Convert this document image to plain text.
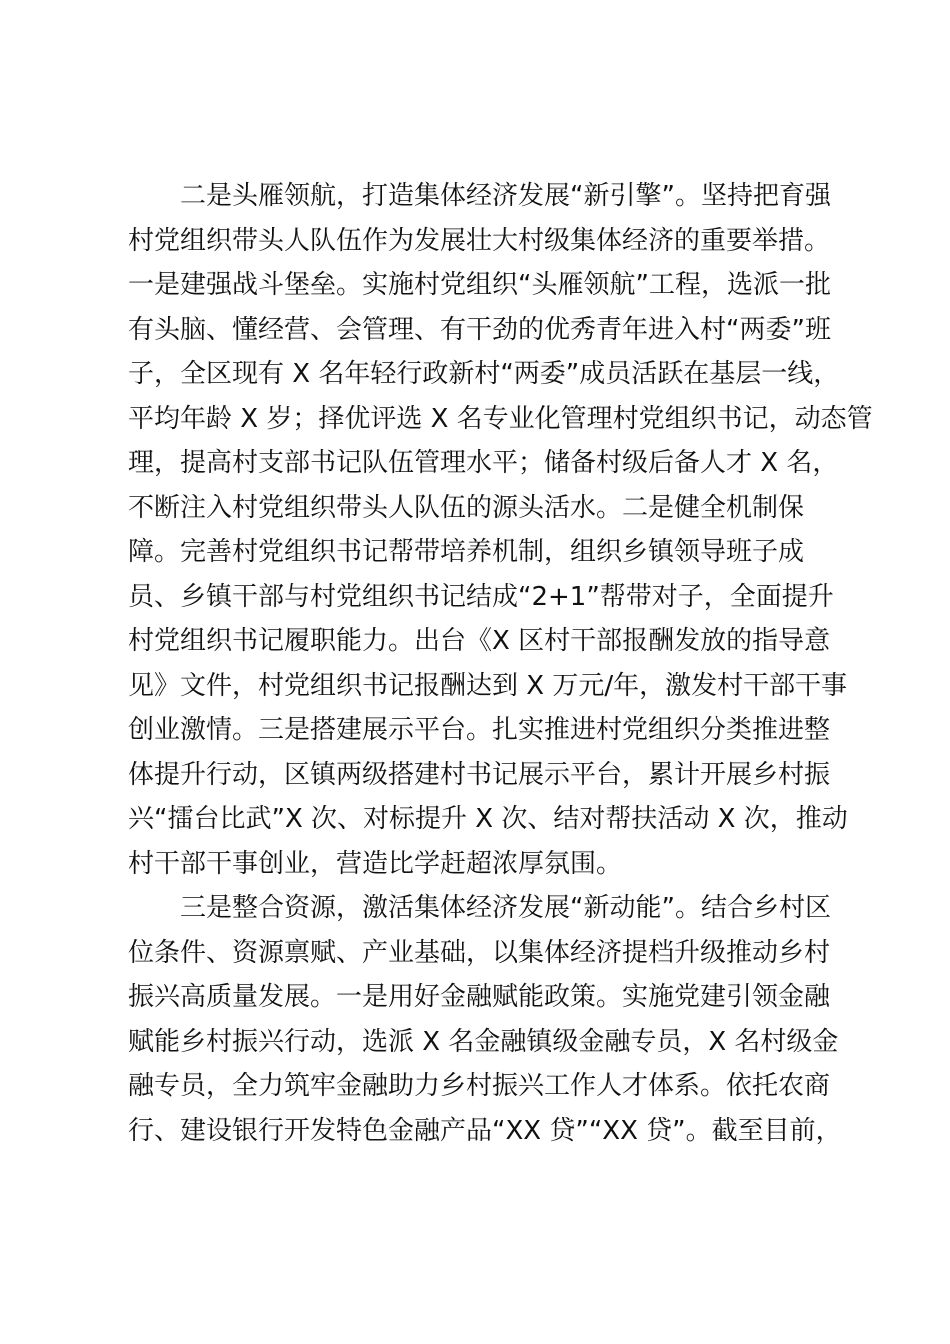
二是头雁领航，打造集体经济发展“新引擎”。坚持把育强
村党组织带头人队伍作为发展壮大村级集体经济的重要举措。
一是建强战斗堡垒。实施村党组织“头雁领航”工程，选派一批
有头脑、懂经营、会管理、有干劲的优秀青年进入村“两委”班
子，全区现有 X 名年轻行政新村“两委”成员活跃在基层一线，
平均年龄 X 岁；择优评选 X 名专业化管理村党组织书记，动态管
理，提高村支部书记队伍管理水平；储备村级后备人才 X 名，
不断注入村党组织带头人队伍的源头活水。二是健全机制保
障。完善村党组织书记帮带培养机制，组织乡镇领导班子成
员、乡镇干部与村党组织书记结成“2+1”帮带对子，全面提升
村党组织书记履职能力。出台《X 区村干部报酬发放的指导意
见》文件，村党组织书记报酬达到 X 万元/年，激发村干部干事
创业激情。三是搭建展示平台。扎实推进村党组织分类推进整
体提升行动，区镇两级搭建村书记展示平台，累计开展乡村振
兴“擂台比武”X 次、对标提升 X 次、结对帮扶活动 X 次，推动
村干部干事创业，营造比学赶超浓厚氛围。
三是整合资源，激活集体经济发展“新动能”。结合乡村区
位条件、资源禀赋、产业基础，以集体经济提档升级推动乡村
振兴高质量发展。一是用好金融赋能政策。实施党建引领金融
赋能乡村振兴行动，选派 X 名金融镇级金融专员，X 名村级金
融专员，全力筑牢金融助力乡村振兴工作人才体系。依托农商
行、建设银行开发特色金融产品“XX 贷”“XX 贷”。截至目前，
